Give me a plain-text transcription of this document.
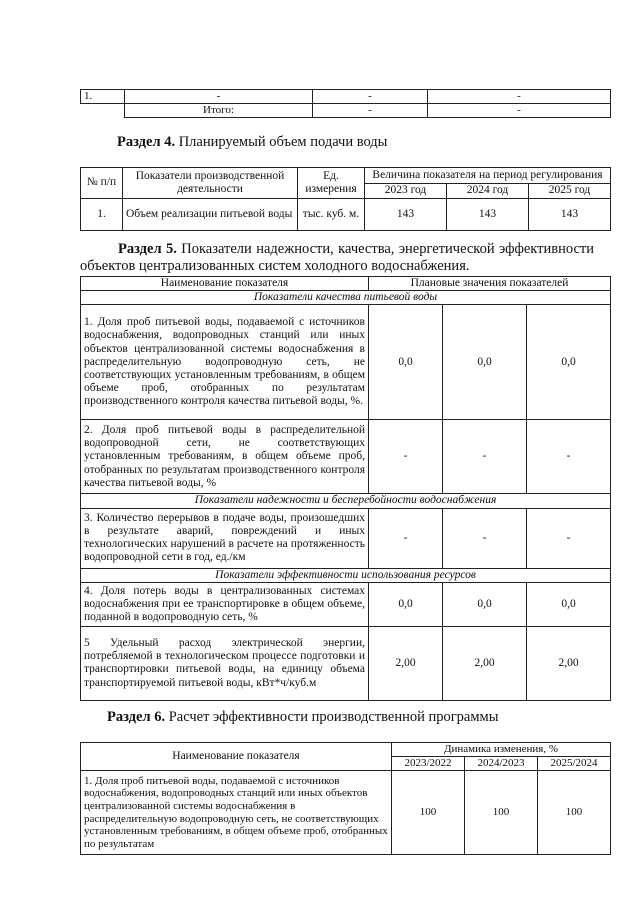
1.	-	-	-
	Итого:	-	-
Раздел 4. Планируемый объем подачи воды
№ п/п	Показатели производственной деятельности	Ед. измерения	Величина показателя на период регулирования		
			2023 год	2024 год	2025 год
1.	Объем реализации питьевой воды	тыс. куб. м.	143	143	143
Раздел 5. Показатели надежности, качества, энергетической эффективности объектов централизованных систем холодного водоснабжения.
Наименование показателя	Плановые значения показателей		
Показатели качества питьевой воды			
1. Доля проб питьевой воды, подаваемой с источников водоснабжения, водопроводных станций или иных объектов централизованной системы водоснабжения в распределительную водопроводную сеть, не соответствующих установленным требованиям, в общем объеме проб, отобранных по результатам производственного контроля качества питьевой воды, %.	0,0	0,0	0,0
2. Доля проб питьевой воды в распределительной водопроводной сети, не соответствующих установленным требованиям, в общем объеме проб, отобранных по результатам производственного контроля качества питьевой воды, %	-	-	-
Показатели надежности и бесперебойности водоснабжения			
3. Количество перерывов в подаче воды, произошедших в результате аварий, повреждений и иных технологических нарушений в расчете на протяженность водопроводной сети в год, ед./км	-	-	-
Показатели эффективности использования ресурсов			
4. Доля потерь воды в централизованных системах водоснабжения при ее транспортировке в общем объеме, поданной в водопроводную сеть, %	0,0	0,0	0,0
5 Удельный расход электрической энергии, потребляемой в технологическом процессе подготовки и транспортировки питьевой воды, на единицу объема транспортируемой питьевой воды, кВт*ч/куб.м	2,00	2,00	2,00
Раздел 6. Расчет эффективности производственной программы
Наименование показателя	Динамика изменения, %		
	2023/2022	2024/2023	2025/2024
1. Доля проб питьевой воды, подаваемой с источников водоснабжения, водопроводных станций или иных объектов централизованной системы водоснабжения в распределительную водопроводную сеть, не соответствующих установленным требованиям, в общем объеме проб, отобранных по результатам	100	100	100
